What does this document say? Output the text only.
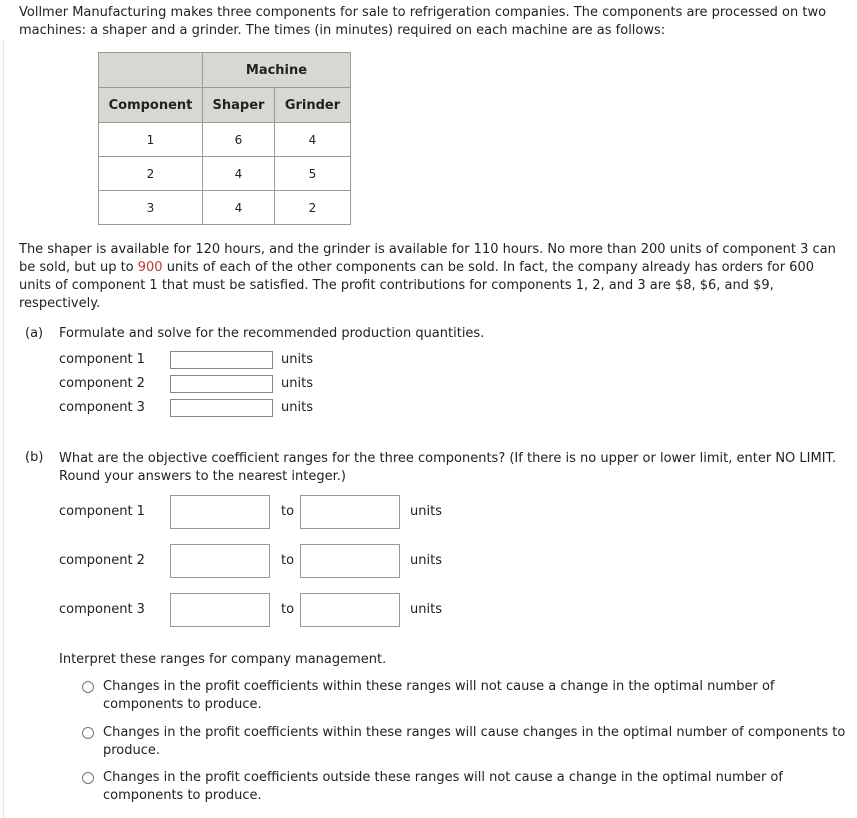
Vollmer Manufacturing makes three components for sale to refrigeration companies. The components are processed on two machines: a shaper and a grinder. The times (in minutes) required on each machine are as follows:
	Machine	
Component	Shaper	Grinder
1	6	4
2	4	5
3	4	2
The shaper is available for 120 hours, and the grinder is available for 110 hours. No more than 200 units of component 3 can be sold, but up to 900 units of each of the other components can be sold. In fact, the company already has orders for 600 units of component 1 that must be satisfied. The profit contributions for components 1, 2, and 3 are $8, $6, and $9, respectively.
(a) Formulate and solve for the recommended production quantities.
component 1	units
component 2	units
component 3	units
(b) What are the objective coefficient ranges for the three components? (If there is no upper or lower limit, enter NO LIMIT. Round your answers to the nearest integer.)
component 1	to	units
component 2	to	units
component 3	to	units
Interpret these ranges for company management.
Changes in the profit coefficients within these ranges will not cause a change in the optimal number of components to produce.
Changes in the profit coefficients within these ranges will cause changes in the optimal number of components to produce.
Changes in the profit coefficients outside these ranges will not cause a change in the optimal number of components to produce.
